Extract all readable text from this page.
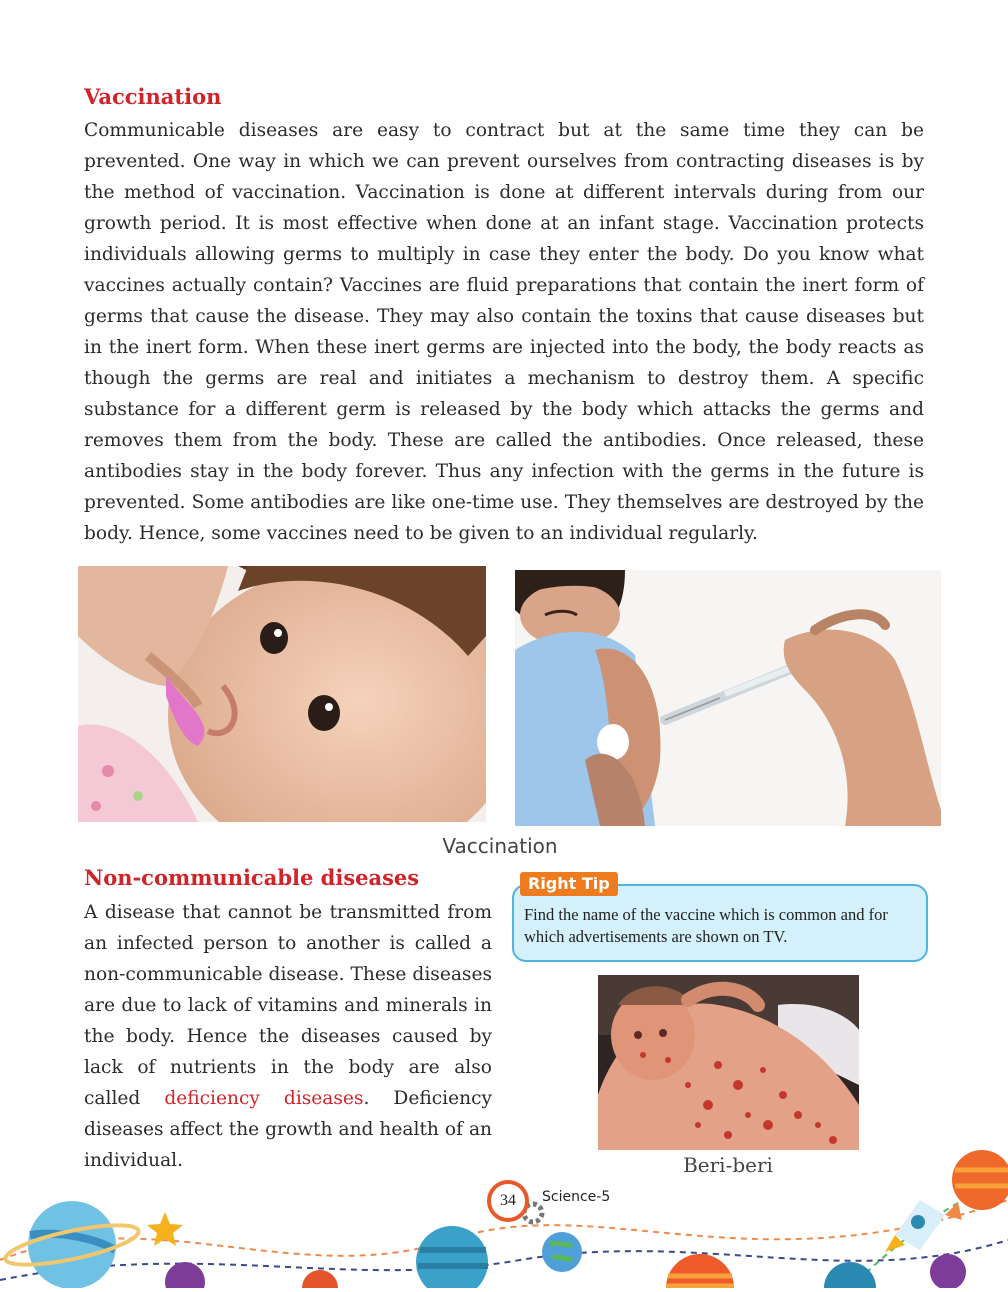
Vaccination

Communicable diseases are easy to contract but at the same time they can be prevented. One way in which we can prevent ourselves from contracting diseases is by the method of vaccination. Vaccination is done at different intervals during from our growth period. It is most effective when done at an infant stage. Vaccination protects individuals allowing germs to multiply in case they enter the body. Do you know what vaccines actually contain? Vaccines are fluid preparations that contain the inert form of germs that cause the disease. They may also contain the toxins that cause diseases but in the inert form. When these inert germs are injected into the body, the body reacts as though the germs are real and initiates a mechanism to destroy them. A specific substance for a different germ is released by the body which attacks the germs and removes them from the body. These are called the antibodies. Once released, these antibodies stay in the body forever. Thus any infection with the germs in the future is prevented. Some antibodies are like one-time use. They themselves are destroyed by the body. Hence, some vaccines need to be given to an individual regularly.

Vaccination

Non-communicable diseases

A disease that cannot be transmitted from an infected person to another is called a non-communicable disease. These diseases are due to lack of vitamins and minerals in the body. Hence the diseases caused by lack of nutrients in the body are also called deficiency diseases. Deficiency diseases affect the growth and health of an individual.

Right Tip

Find the name of the vaccine which is common and for which advertisements are shown on TV.

Beri-beri

34	Science-5
